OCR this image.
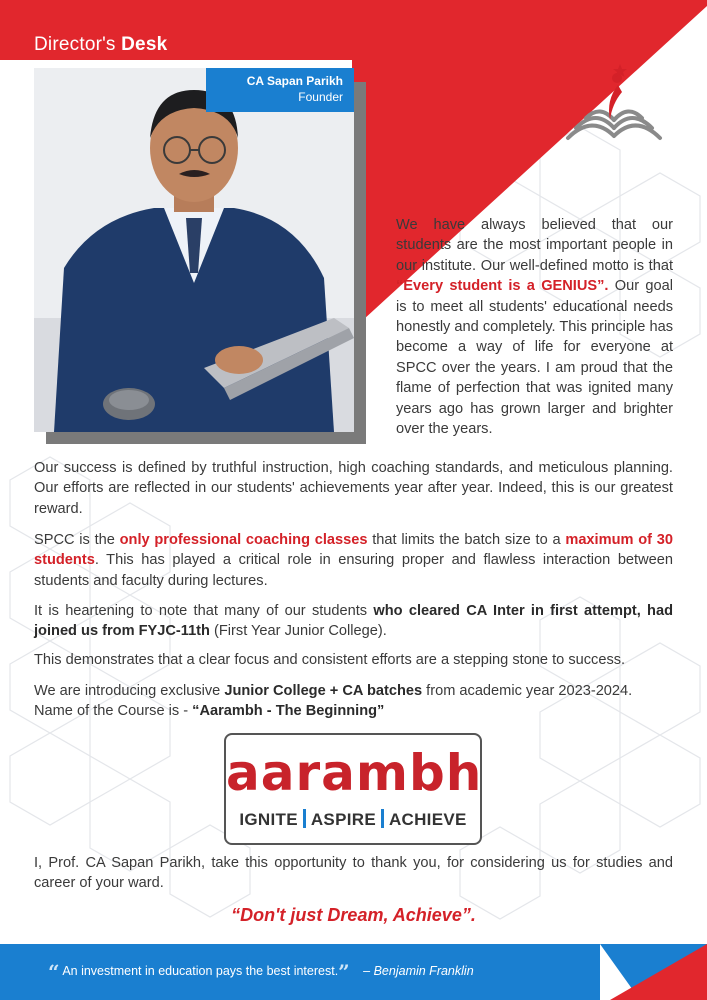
Director's Desk
CA Sapan Parikh
Founder
We have always believed that our students are the most important people in our institute. Our well-defined motto is that “Every student is a GENIUS”. Our goal is to meet all students' educational needs honestly and completely. This principle has become a way of life for everyone at SPCC over the years. I am proud that the flame of perfection that was ignited many years ago has grown larger and brighter over the years.
Our success is defined by truthful instruction, high coaching standards, and meticulous planning. Our efforts are reflected in our students' achievements year after year. Indeed, this is our greatest reward.
SPCC is the only professional coaching classes that limits the batch size to a maximum of 30 students. This has played a critical role in ensuring proper and flawless interaction between students and faculty during lectures.
It is heartening to note that many of our students who cleared CA Inter in first attempt, had joined us from FYJC-11th (First Year Junior College).
This demonstrates that a clear focus and consistent efforts are a stepping stone to success.
We are introducing exclusive Junior College + CA batches from academic year 2023-2024.
Name of the Course is - “Aarambh - The Beginning”
aarambh
IGNITE ASPIRE ACHIEVE
I, Prof. CA Sapan Parikh, take this opportunity to thank you, for considering us for studies and career of your ward.
“Don't just Dream, Achieve”.
“ An investment in education pays the best interest.” – Benjamin Franklin
